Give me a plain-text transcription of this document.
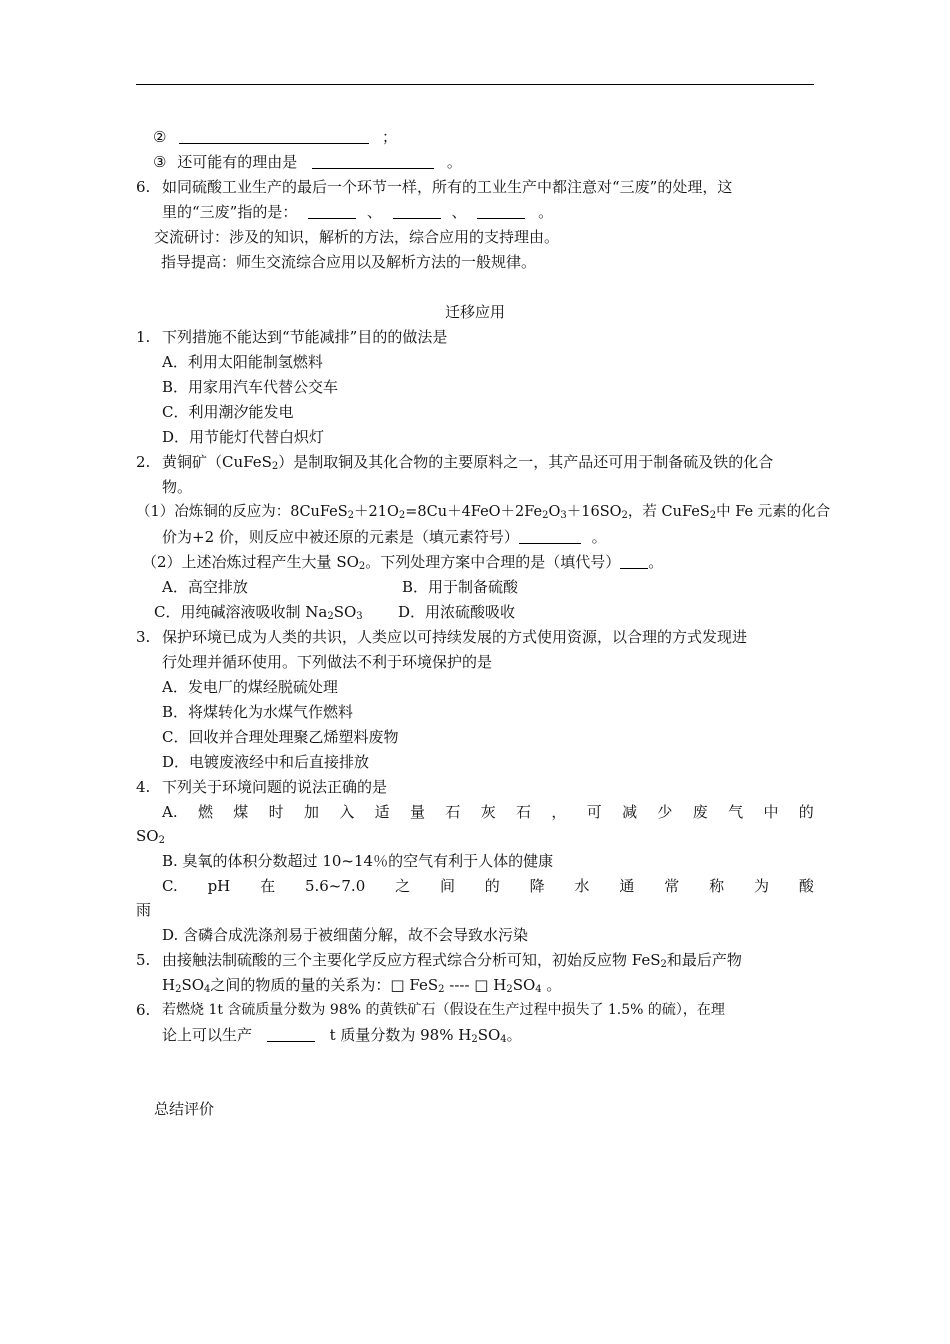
②	；
③ 还可能有的理由是	。
6. 如同硫酸工业生产的最后一个环节一样，所有的工业生产中都注意对“三废”的处理，这
里的“三废”指的是：	、	、	。
交流研讨：涉及的知识，解析的方法，综合应用的支持理由。
指导提高：师生交流综合应用以及解析方法的一般规律。
迁移应用
1. 下列措施不能达到“节能减排”目的的做法是
A．利用太阳能制氢燃料
B．用家用汽车代替公交车
C．利用潮汐能发电
D．用节能灯代替白炽灯
2. 黄铜矿（CuFeS$_2$）是制取铜及其化合物的主要原料之一，其产品还可用于制备硫及铁的化合
物。
（1）冶炼铜的反应为：$8CuFeS_2+21O_2=8Cu+4FeO+2Fe_2O_3+16SO_2$，若 CuFeS$_2$中 Fe 元素的化合
价为+2 价，则反应中被还原的元素是（填元素符号）	。
（2）上述冶炼过程产生大量 $SO_2$。下列处理方案中合理的是（填代号） 。
A．高空排放	B．用于制备硫酸
C．用纯碱溶液吸收制 $Na_2SO_3$ D．用浓硫酸吸收
3. 保护环境已成为人类的共识，人类应以可持续发展的方式使用资源，以合理的方式发现进
行处理并循环使用。下列做法不利于环境保护的是
A．发电厂的煤经脱硫处理
B．将煤转化为水煤气作燃料
C．回收并合理处理聚乙烯塑料废物
D．电镀废液经中和后直接排放
4. 下列关于环境问题的说法正确的是
A. 燃 煤 时 加 入 适 量 石 灰 石 ， 可 减 少 废 气 中 的
$SO_2$
B. 臭氧的体积分数超过 10~14％的空气有利于人体的健康
C. pH 在 5.6~7.0 之 间 的 降 水 通 常 称 为 酸
雨
D. 含磷合成洗涤剂易于被细菌分解，故不会导致水污染
5. 由接触法制硫酸的三个主要化学反应方程式综合分析可知，初始反应物 FeS$_2$和最后产物
$H_2SO_4$之间的物质的量的关系为：□ FeS$_2$ ---- □ $H_2SO_4$ 。
6. 若燃烧 1t 含硫质量分数为 98% 的黄铁矿石（假设在生产过程中损失了 1.5% 的硫），在理
论上可以生产	t 质量分数为 98% $H_2SO_4$。
总结评价
